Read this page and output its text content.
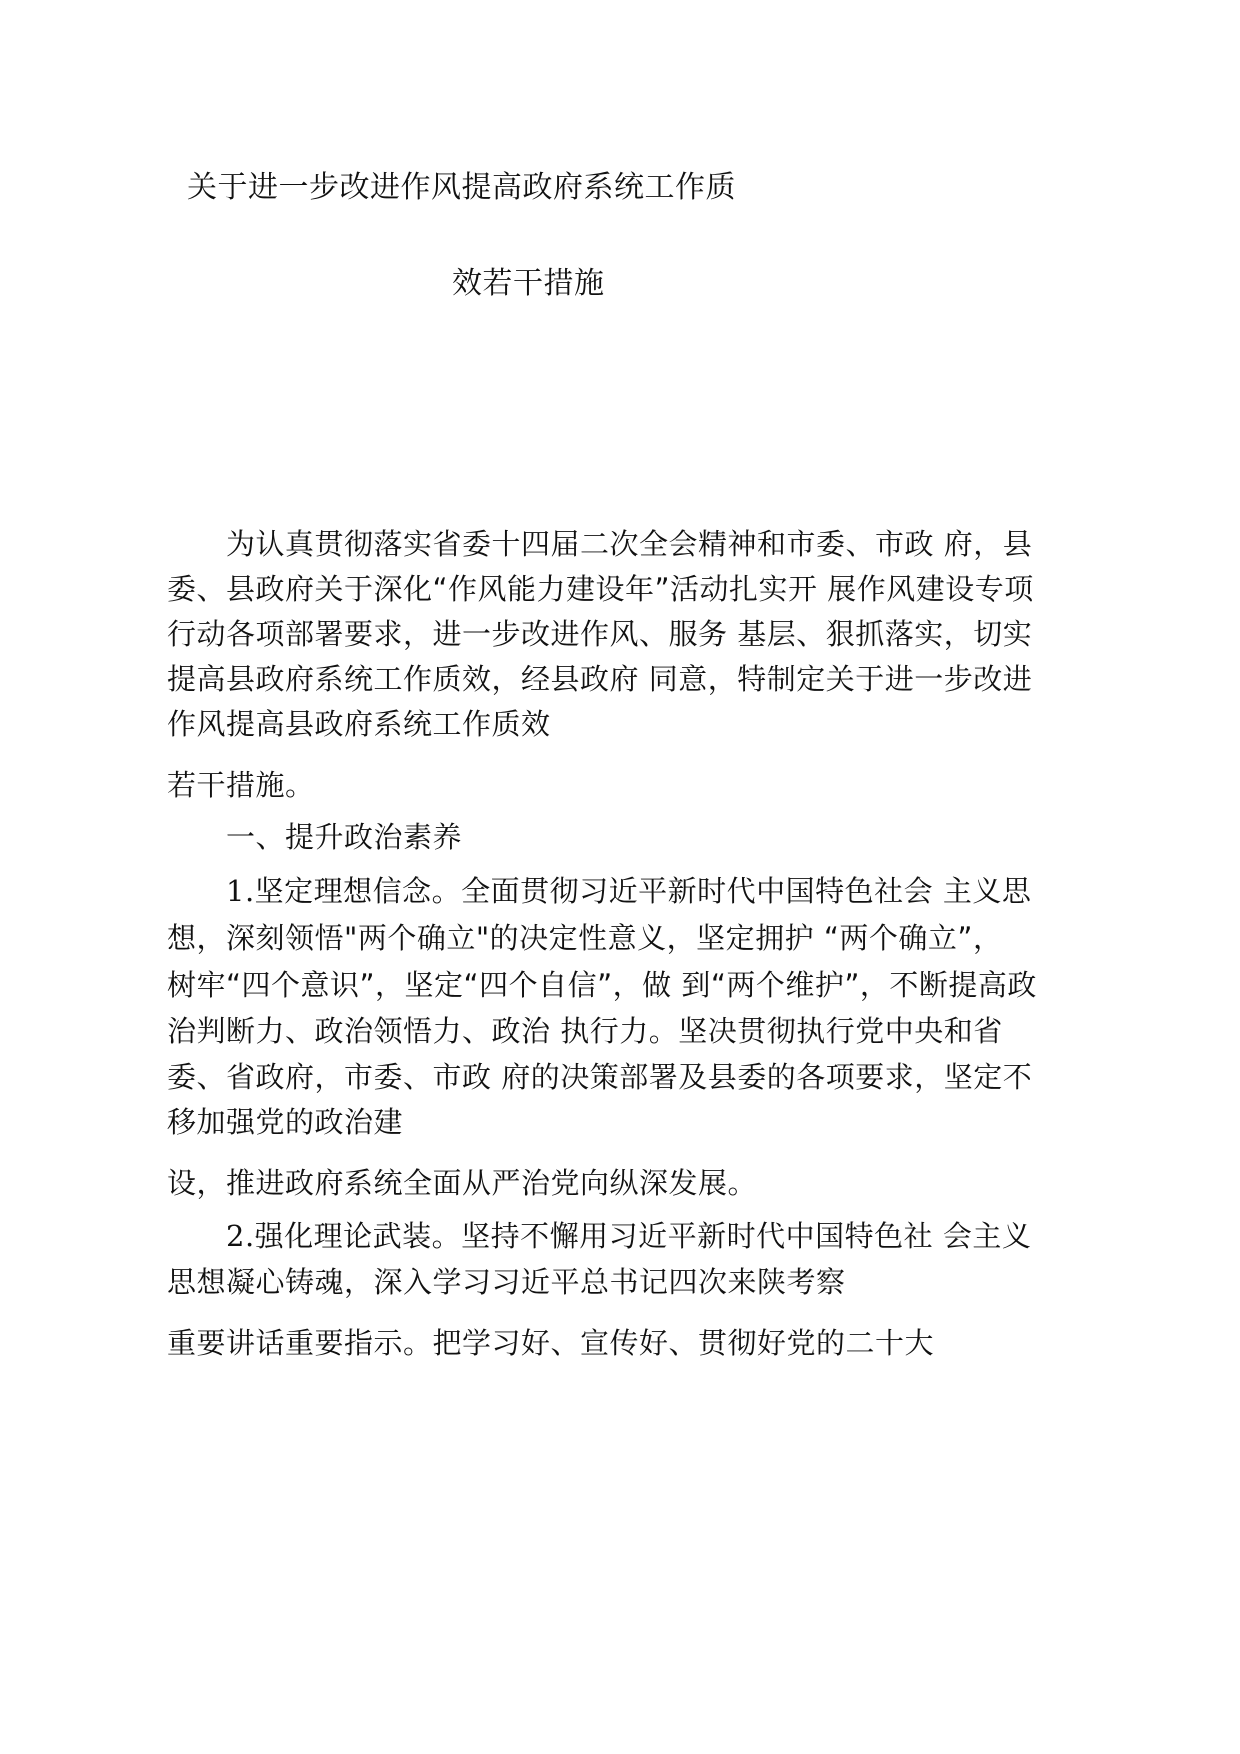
关于进一步改进作风提高政府系统工作质
效若干措施
为认真贯彻落实省委十四届二次全会精神和市委、市政 府，县
委、县政府关于深化“作风能力建设年”活动扎实开 展作风建设专项
行动各项部署要求，进一步改进作风、服务 基层、狠抓落实，切实
提高县政府系统工作质效，经县政府 同意，特制定关于进一步改进
作风提高县政府系统工作质效
若干措施。
一、提升政治素养
1.坚定理想信念。全面贯彻习近平新时代中国特色社会 主义思
想，深刻领悟"两个确立"的决定性意义，坚定拥护 “两个确立”，
树牢“四个意识”，坚定“四个自信”，做 到“两个维护”，不断提高政
治判断力、政治领悟力、政治 执行力。坚决贯彻执行党中央和省
委、省政府，市委、市政 府的决策部署及县委的各项要求，坚定不
移加强党的政治建
设，推进政府系统全面从严治党向纵深发展。
2.强化理论武装。坚持不懈用习近平新时代中国特色社 会主义
思想凝心铸魂，深入学习习近平总书记四次来陕考察
重要讲话重要指示。把学习好、宣传好、贯彻好党的二十大
